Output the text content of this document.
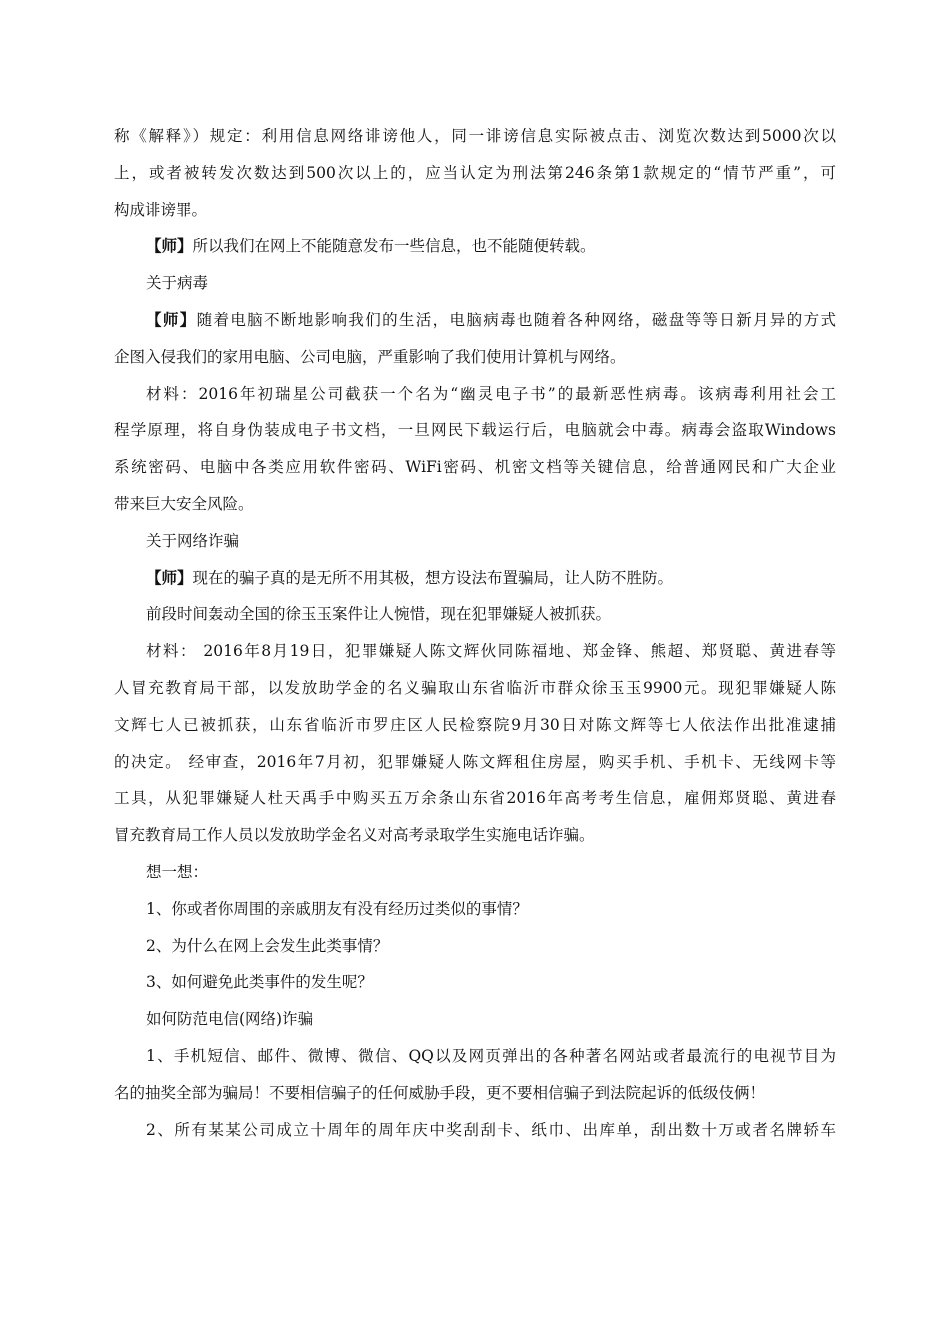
称《解释》）规定：利用信息网络诽谤他人，同一诽谤信息实际被点击、浏览次数达到5000次以

上，或者被转发次数达到500次以上的，应当认定为刑法第246条第1款规定的“情节严重”，可

构成诽谤罪。

【师】所以我们在网上不能随意发布一些信息，也不能随便转载。

关于病毒

【师】随着电脑不断地影响我们的生活，电脑病毒也随着各种网络，磁盘等等日新月异的方式

企图入侵我们的家用电脑、公司电脑，严重影响了我们使用计算机与网络。

材料：2016年初瑞星公司截获一个名为“幽灵电子书”的最新恶性病毒。该病毒利用社会工

程学原理，将自身伪装成电子书文档，一旦网民下载运行后，电脑就会中毒。病毒会盗取Windows

系统密码、电脑中各类应用软件密码、WiFi密码、机密文档等关键信息，给普通网民和广大企业

带来巨大安全风险。

关于网络诈骗

【师】现在的骗子真的是无所不用其极，想方设法布置骗局，让人防不胜防。

前段时间轰动全国的徐玉玉案件让人惋惜，现在犯罪嫌疑人被抓获。

材料： 2016年8月19日，犯罪嫌疑人陈文辉伙同陈福地、郑金锋、熊超、郑贤聪、黄进春等

人冒充教育局干部，以发放助学金的名义骗取山东省临沂市群众徐玉玉9900元。现犯罪嫌疑人陈

文辉七人已被抓获，山东省临沂市罗庄区人民检察院9月30日对陈文辉等七人依法作出批准逮捕

的决定。 经审查，2016年7月初，犯罪嫌疑人陈文辉租住房屋，购买手机、手机卡、无线网卡等

工具，从犯罪嫌疑人杜天禹手中购买五万余条山东省2016年高考考生信息，雇佣郑贤聪、黄进春

冒充教育局工作人员以发放助学金名义对高考录取学生实施电话诈骗。

想一想：

1、你或者你周围的亲戚朋友有没有经历过类似的事情？

2、为什么在网上会发生此类事情？

3、如何避免此类事件的发生呢？

如何防范电信(网络)诈骗

1、手机短信、邮件、微博、微信、QQ以及网页弹出的各种著名网站或者最流行的电视节目为

名的抽奖全部为骗局！不要相信骗子的任何威胁手段，更不要相信骗子到法院起诉的低级伎俩！

2、所有某某公司成立十周年的周年庆中奖刮刮卡、纸巾、出库单，刮出数十万或者名牌轿车
